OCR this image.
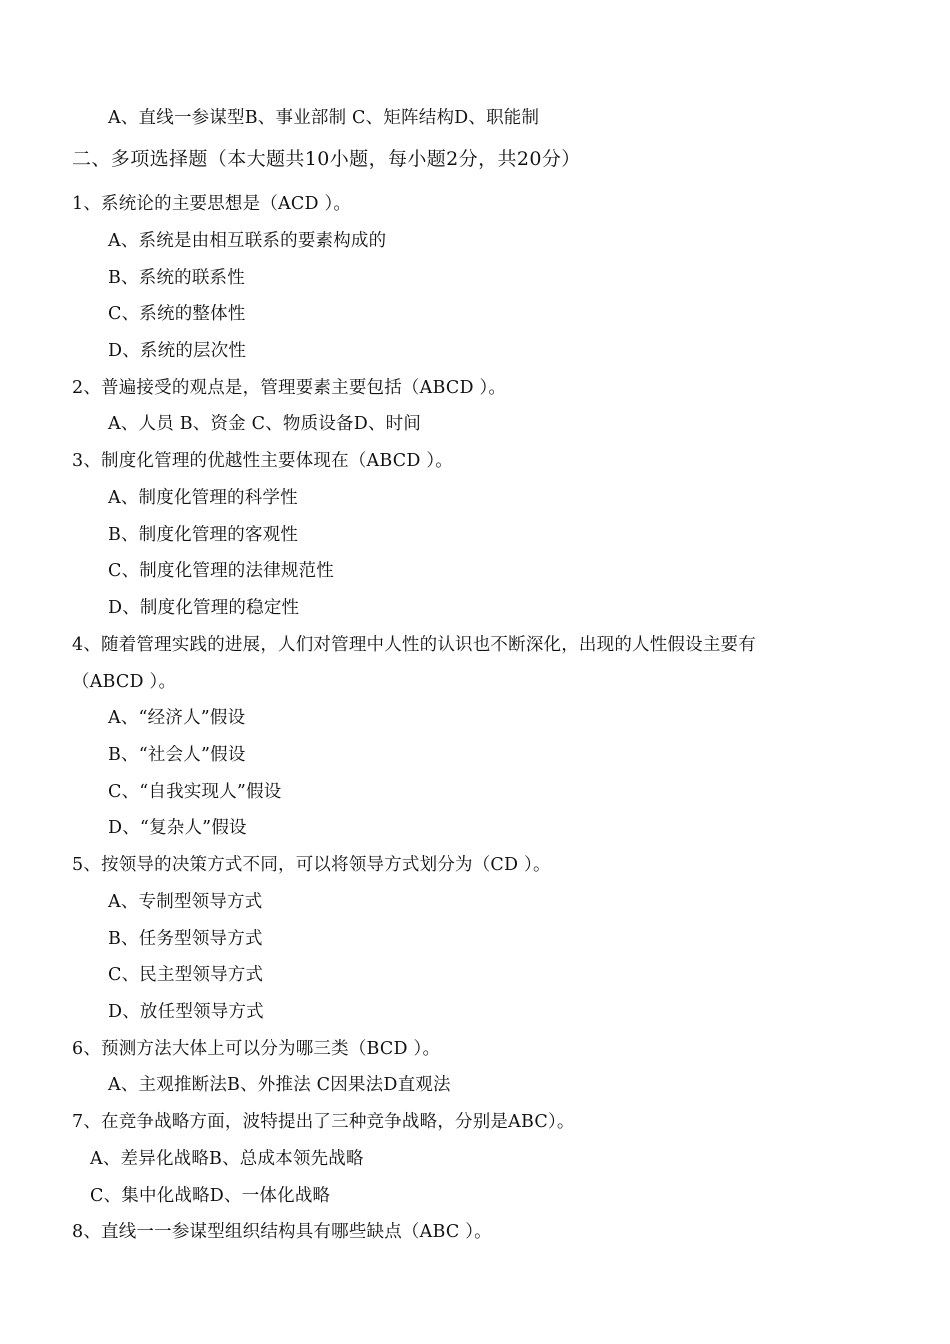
A、直线一参谋型B、事业部制 C、矩阵结构D、职能制
二、多项选择题（本大题共10小题，每小题2分，共20分）
1、系统论的主要思想是（ACD ）。
A、系统是由相互联系的要素构成的
B、系统的联系性
C、系统的整体性
D、系统的层次性
2、普遍接受的观点是，管理要素主要包括（ABCD ）。
A、人员 B、资金 C、物质设备D、时间
3、制度化管理的优越性主要体现在（ABCD ）。
A、制度化管理的科学性
B、制度化管理的客观性
C、制度化管理的法律规范性
D、制度化管理的稳定性
4、随着管理实践的进展，人们对管理中人性的认识也不断深化，出现的人性假设主要有
（ABCD ）。
A、“经济人”假设
B、“社会人”假设
C、“自我实现人”假设
D、“复杂人”假设
5、按领导的决策方式不同，可以将领导方式划分为（CD ）。
A、专制型领导方式
B、任务型领导方式
C、民主型领导方式
D、放任型领导方式
6、预测方法大体上可以分为哪三类（BCD ）。
A、主观推断法B、外推法 C因果法D直观法
7、在竞争战略方面，波特提出了三种竞争战略，分别是ABC）。
A、差异化战略B、总成本领先战略
C、集中化战略D、一体化战略
8、直线一一参谋型组织结构具有哪些缺点（ABC ）。
